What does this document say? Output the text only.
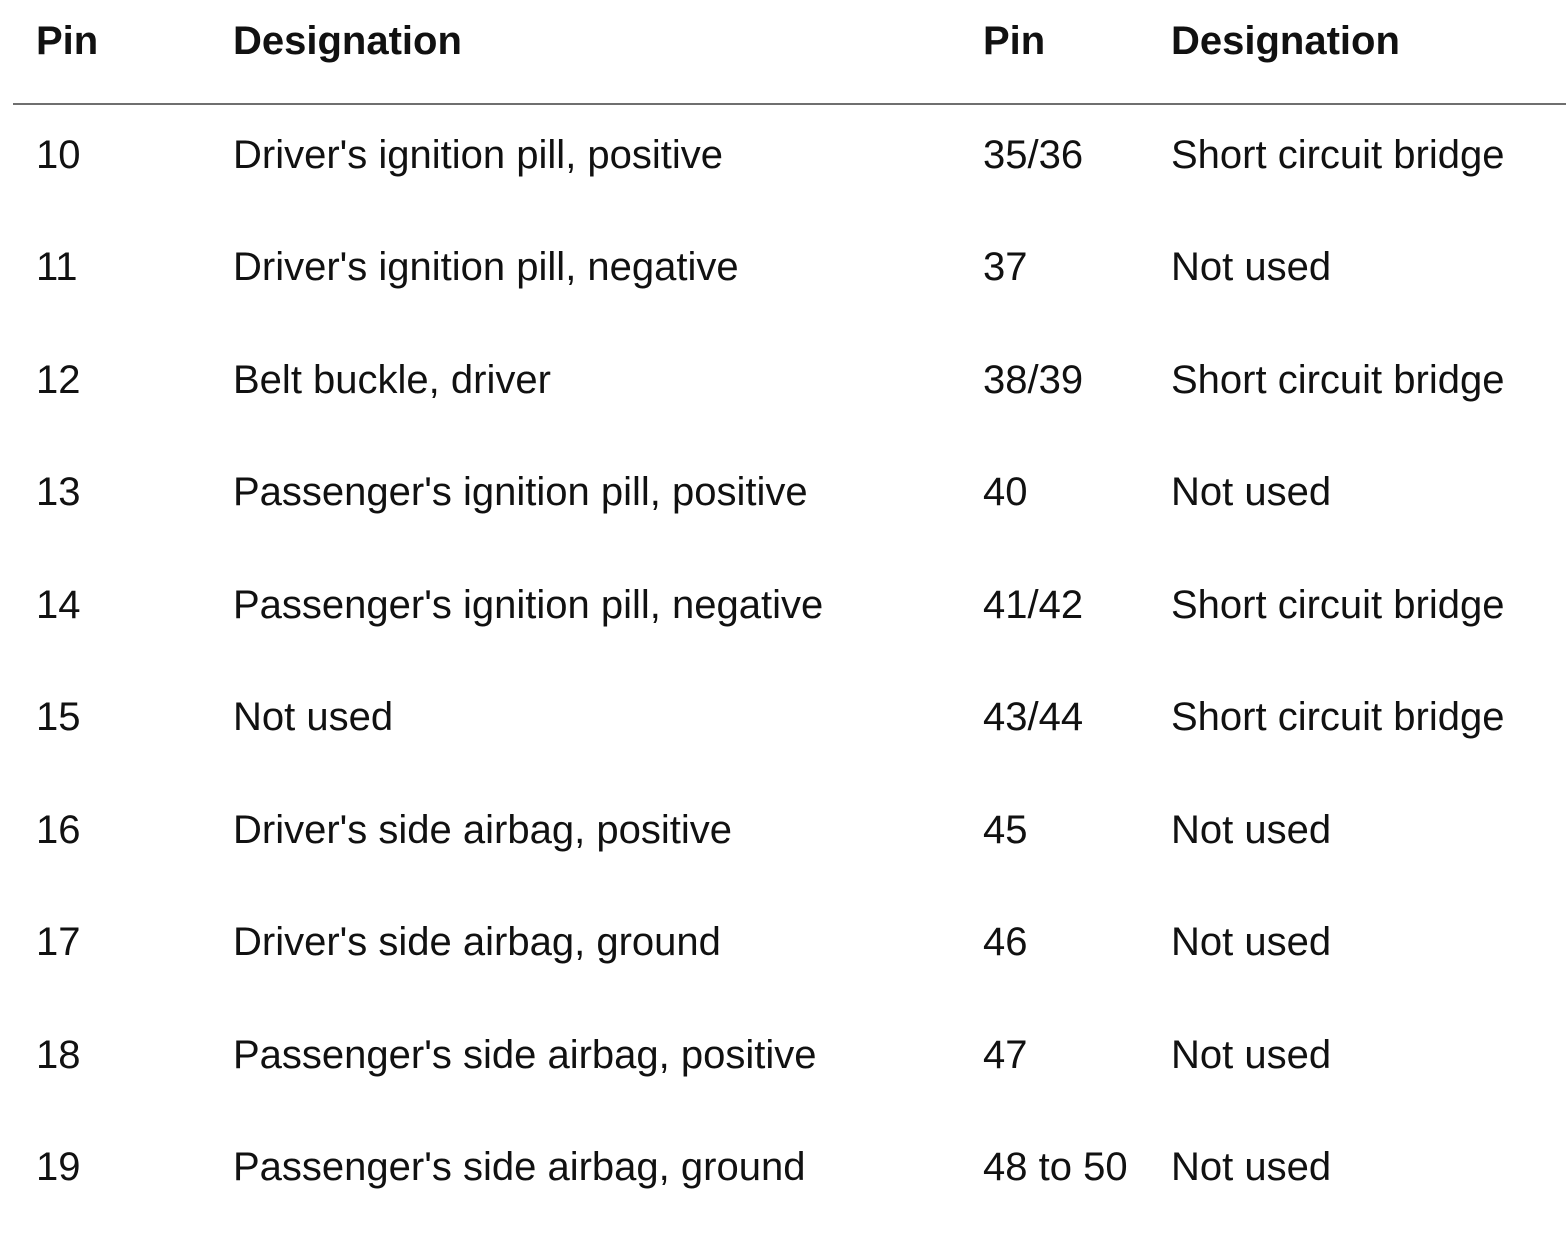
Pin	Designation	Pin	Designation
10	Driver's ignition pill, positive	35/36 Short circuit bridge
11	Driver's ignition pill, negative	37	Not used
12	Belt buckle, driver	38/39 Short circuit bridge
13	Passenger's ignition pill, positive	40	Not used
14	Passenger's ignition pill, negative	41/42 Short circuit bridge
15	Not used	43/44 Short circuit bridge
16	Driver's side airbag, positive	45	Not used
17	Driver's side airbag, ground	46	Not used
18	Passenger's side airbag, positive	47	Not used
19	Passenger's side airbag, ground	48 to 50 Not used
